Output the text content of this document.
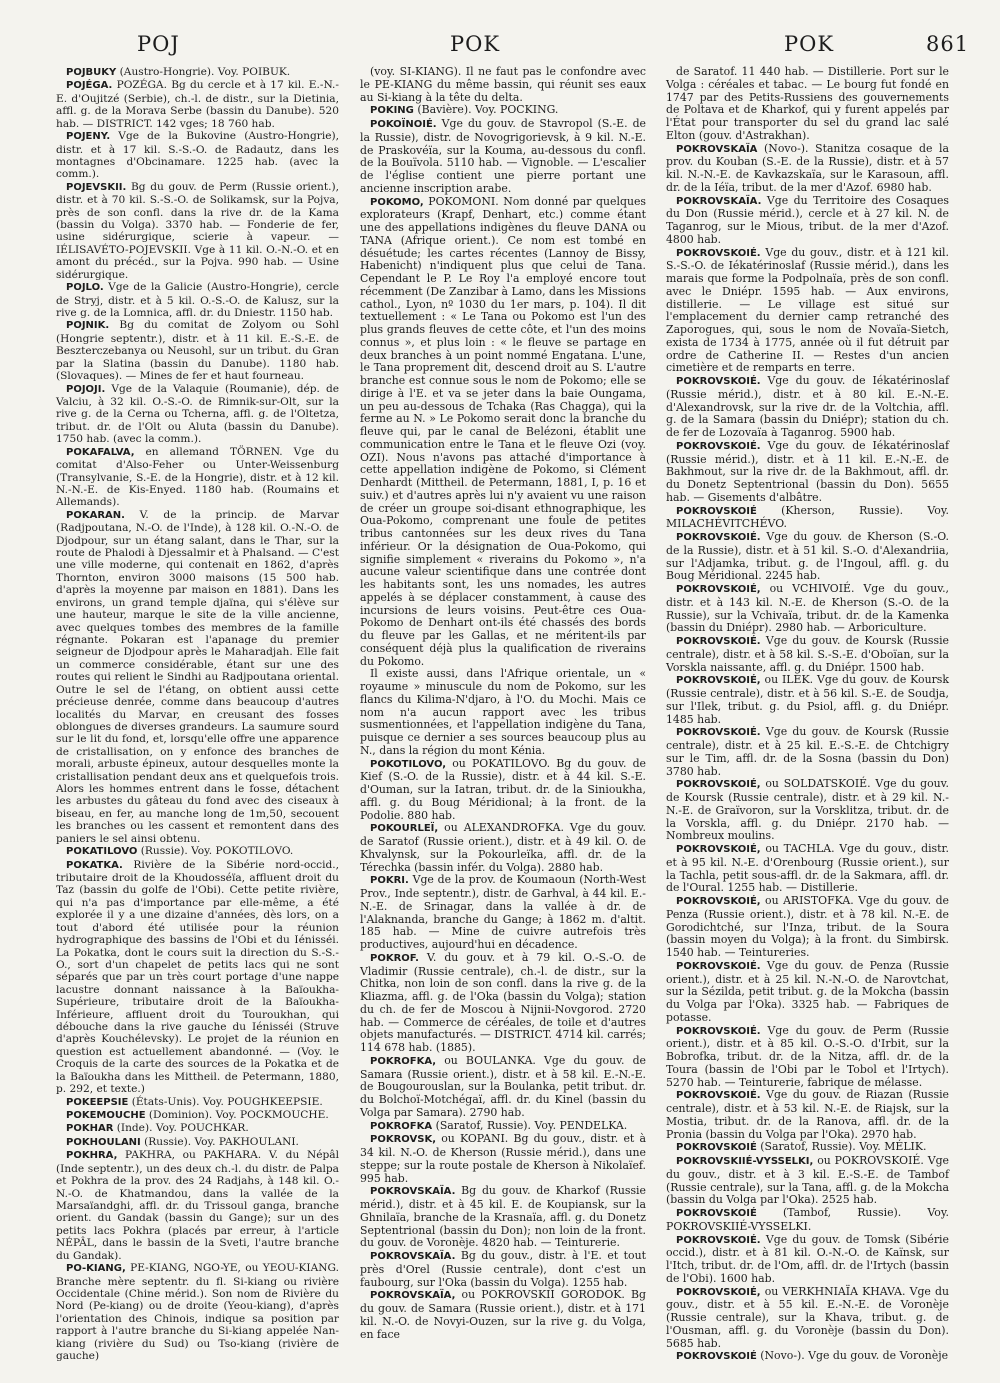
POJ	POK	POK	861

POJBUKY (Austro-Hongrie). Voy. POIBUK.

POJÉGA. POZÉGA. Bg du cercle et à 17 kil. E.-N.-E. d'Oujitzé (Serbie), ch.-l. de distr., sur la Dietinia, affl. g. de la Morava Serbe (bassin du Danube). 520 hab. — DISTRICT. 142 vges; 18 760 hab.

POJENY. Vge de la Bukovine (Austro-Hongrie), distr. et à 17 kil. S.-S.-O. de Radautz, dans les montagnes d'Obcinamare. 1225 hab. (avec la comm.).

POJEVSKII. Bg du gouv. de Perm (Russie orient.), distr. et à 70 kil. S.-S.-O. de Solikamsk, sur la Pojva, près de son confl. dans la rive dr. de la Kama (bassin du Volga). 3370 hab. — Fonderie de fer, usine sidérurgique, scierie à vapeur. — IÉLISAVÉTO-POJEVSKII. Vge à 11 kil. O.-N.-O. et en amont du précéd., sur la Pojva. 990 hab. — Usine sidérurgique.

POJLO. Vge de la Galicie (Austro-Hongrie), cercle de Stryj, distr. et à 5 kil. O.-S.-O. de Kalusz, sur la rive g. de la Lomnica, affl. dr. du Dniestr. 1150 hab.

POJNIK. Bg du comitat de Zolyom ou Sohl (Hongrie septentr.), distr. et à 11 kil. E.-S.-E. de Beszterczebanya ou Neusohl, sur un tribut. du Gran par la Slatina (bassin du Danube). 1180 hab. (Slovaques). — Mines de fer et haut fourneau.

POJOJI. Vge de la Valaquie (Roumanie), dép. de Valciu, à 32 kil. O.-S.-O. de Rimnik-sur-Olt, sur la rive g. de la Cerna ou Tcherna, affl. g. de l'Oltetza, tribut. dr. de l'Olt ou Aluta (bassin du Danube). 1750 hab. (avec la comm.).

POKAFALVA, en allemand TÖRNEN. Vge du comitat d'Also-Feher ou Unter-Weissenburg (Transylvanie, S.-E. de la Hongrie), distr. et à 12 kil. N.-N.-E. de Kis-Enyed. 1180 hab. (Roumains et Allemands).

POKARAN. V. de la princip. de Marvar (Radjpoutana, N.-O. de l'Inde), à 128 kil. O.-N.-O. de Djodpour, sur un étang salant, dans le Thar, sur la route de Phalodi à Djessalmir et à Phalsand. — C'est une ville moderne, qui contenait en 1862, d'après Thornton, environ 3000 maisons (15 500 hab. d'après la moyenne par maison en 1881). Dans les environs, un grand temple djaïna, qui s'élève sur une hauteur, marque le site de la ville ancienne, avec quelques tombes des membres de la famille régnante. Pokaran est l'apanage du premier seigneur de Djodpour après le Maharadjah. Elle fait un commerce considérable, étant sur une des routes qui relient le Sindhi au Radjpoutana oriental. Outre le sel de l'étang, on obtient aussi cette précieuse denrée, comme dans beaucoup d'autres localités du Marvar, en creusant des fosses oblongues de diverses grandeurs. La saumure sourd sur le lit du fond, et, lorsqu'elle offre une apparence de cristallisation, on y enfonce des branches de morali, arbuste épineux, autour desquelles monte la cristallisation pendant deux ans et quelquefois trois. Alors les hommes entrent dans le fosse, détachent les arbustes du gâteau du fond avec des ciseaux à biseau, en fer, au manche long de 1m,50, secouent les branches ou les cassent et remontent dans des paniers le sel ainsi obtenu.

POKATILOVO (Russie). Voy. POKOTILOVO.

POKATKA. Rivière de la Sibérie nord-occid., tributaire droit de la Khoudosséïa, affluent droit du Taz (bassin du golfe de l'Obi). Cette petite rivière, qui n'a pas d'importance par elle-même, a été explorée il y a une dizaine d'années, dès lors, on a tout d'abord été utilisée pour la réunion hydrographique des bassins de l'Obi et du Iénisséi. La Pokatka, dont le cours suit la direction du S.-S.-O., sort d'un chapelet de petits lacs qui ne sont séparés que par un très court portage d'une nappe lacustre donnant naissance à la Baïoukha-Supérieure, tributaire droit de la Baïoukha-Inférieure, affluent droit du Touroukhan, qui débouche dans la rive gauche du Iénisséi (Struve d'après Kouchélevsky). Le projet de la réunion en question est actuellement abandonné. — (Voy. le Croquis de la carte des sources de la Pokatka et de la Baïoukha dans les Mittheil. de Petermann, 1880, p. 292, et texte.)

POKEEPSIE (États-Unis). Voy. POUGHKEEPSIE.

POKEMOUCHE (Dominion). Voy. POCKMOUCHE.

POKHAR (Inde). Voy. POUCHKAR.

POKHOULANI (Russie). Voy. PAKHOULANI.

POKHRA, PAKHRA, ou PAKHARA. V. du Népâl (Inde septentr.), un des deux ch.-l. du distr. de Palpa et Pokhra de la prov. des 24 Radjahs, à 148 kil. O.-N.-O. de Khatmandou, dans la vallée de la Marsaïandghi, affl. dr. du Trissoul ganga, branche orient. du Gandak (bassin du Gange); sur un des petits lacs Pokhra (placés par erreur, à l'article NÉPÂL, dans le bassin de la Sveti, l'autre branche du Gandak).

PO-KIANG, PE-KIANG, NGO-YE, ou YEOU-KIANG. Branche mère septentr. du fl. Si-kiang ou rivière Occidentale (Chine mérid.). Son nom de Rivière du Nord (Pe-kiang) ou de droite (Yeou-kiang), d'après l'orientation des Chinois, indique sa position par rapport à l'autre branche du Si-kiang appelée Nan-kiang (rivière du Sud) ou Tso-kiang (rivière de gauche)

(voy. SI-KIANG). Il ne faut pas le confondre avec le PE-KIANG du même bassin, qui réunit ses eaux au Si-kiang à la tête du delta.

POKING (Bavière). Voy. POCKING.

POKOÏNOIÉ. Vge du gouv. de Stavropol (S.-E. de la Russie), distr. de Novogrigorievsk, à 9 kil. N.-E. de Praskovéïa, sur la Kouma, au-dessous du confl. de la Bouïvola. 5110 hab. — Vignoble. — L'escalier de l'église contient une pierre portant une ancienne inscription arabe.

POKOMO, POKOMONI. Nom donné par quelques explorateurs (Krapf, Denhart, etc.) comme étant une des appellations indigènes du fleuve DANA ou TANA (Afrique orient.). Ce nom est tombé en désuétude; les cartes récentes (Lannoy de Bissy, Habenicht) n'indiquent plus que celui de Tana. Cependant le P. Le Roy l'a employé encore tout récemment (De Zanzibar à Lamo, dans les Missions cathol., Lyon, nº 1030 du 1er mars, p. 104). Il dit textuellement : « Le Tana ou Pokomo est l'un des plus grands fleuves de cette côte, et l'un des moins connus », et plus loin : « le fleuve se partage en deux branches à un point nommé Engatana. L'une, le Tana proprement dit, descend droit au S. L'autre branche est connue sous le nom de Pokomo; elle se dirige à l'E. et va se jeter dans la baie Oungama, un peu au-dessous de Tchaka (Ras Chagga), qui la ferme au N. » Le Pokomo serait donc la branche du fleuve qui, par le canal de Belézoni, établit une communication entre le Tana et le fleuve Ozi (voy. OZI). Nous n'avons pas attaché d'importance à cette appellation indigène de Pokomo, si Clément Denhardt (Mittheil. de Petermann, 1881, I, p. 16 et suiv.) et d'autres après lui n'y avaient vu une raison de créer un groupe soi-disant ethnographique, les Oua-Pokomo, comprenant une foule de petites tribus cantonnées sur les deux rives du Tana inférieur. Or la désignation de Oua-Pokomo, qui signifie simplement « riverains du Pokomo », n'a aucune valeur scientifique dans une contrée dont les habitants sont, les uns nomades, les autres appelés à se déplacer constamment, à cause des incursions de leurs voisins. Peut-être ces Oua-Pokomo de Denhart ont-ils été chassés des bords du fleuve par les Gallas, et ne méritent-ils par conséquent déjà plus la qualification de riverains du Pokomo.

Il existe aussi, dans l'Afrique orientale, un « royaume » minuscule du nom de Pokomo, sur les flancs du Kilima-N'djaro, à l'O. du Mochi. Mais ce nom n'a aucun rapport avec les tribus susmentionnées, et l'appellation indigène du Tana, puisque ce dernier a ses sources beaucoup plus au N., dans la région du mont Kénia.

POKOTILOVO, ou POKATILOVO. Bg du gouv. de Kief (S.-O. de la Russie), distr. et à 44 kil. S.-E. d'Ouman, sur la Iatran, tribut. dr. de la Sinioukha, affl. g. du Boug Méridional; à la front. de la Podolie. 880 hab.

POKOURLEÏ, ou ALEXANDROFKA. Vge du gouv. de Saratof (Russie orient.), distr. et à 49 kil. O. de Khvalynsk, sur la Pokourleïka, affl. dr. de la Térechka (bassin infér. du Volga). 2880 hab.

POKRI. Vge de la prov. de Koumaoun (North-West Prov., Inde septentr.), distr. de Garhval, à 44 kil. E.-N.-E. de Srinagar, dans la vallée à dr. de l'Alaknanda, branche du Gange; à 1862 m. d'altit. 185 hab. — Mine de cuivre autrefois très productives, aujourd'hui en décadence.

POKROF. V. du gouv. et à 79 kil. O.-S.-O. de Vladimir (Russie centrale), ch.-l. de distr., sur la Chitka, non loin de son confl. dans la rive g. de la Kliazma, affl. g. de l'Oka (bassin du Volga); station du ch. de fer de Moscou à Nijnii-Novgorod. 2720 hab. — Commerce de céréales, de toile et d'autres objets manufacturés. — DISTRICT. 4714 kil. carrés; 114 678 hab. (1885).

POKROFKA, ou BOULANKA. Vge du gouv. de Samara (Russie orient.), distr. et à 58 kil. E.-N.-E. de Bougourouslan, sur la Boulanka, petit tribut. dr. du Bolchoï-Motchégaï, affl. dr. du Kinel (bassin du Volga par Samara). 2790 hab.

POKROFKA (Saratof, Russie). Voy. PENDELKA.

POKROVSK, ou KOPANI. Bg du gouv., distr. et à 34 kil. N.-O. de Kherson (Russie mérid.), dans une steppe; sur la route postale de Kherson à Nikolaïef. 995 hab.

POKROVSKAÏA. Bg du gouv. de Kharkof (Russie mérid.), distr. et à 45 kil. E. de Koupiansk, sur la Ghnilaïa, branche de la Krasnaïa, affl. g. du Donetz Septentrional (bassin du Don); non loin de la front. du gouv. de Voronèje. 4820 hab. — Teinturerie.

POKROVSKAÏA. Bg du gouv., distr. à l'E. et tout près d'Orel (Russie centrale), dont c'est un faubourg, sur l'Oka (bassin du Volga). 1255 hab.

POKROVSKAÏA, ou POKROVSKII GORODOK. Bg du gouv. de Samara (Russie orient.), distr. et à 171 kil. N.-O. de Novyi-Ouzen, sur la rive g. du Volga, en face

de Saratof. 11 440 hab. — Distillerie. Port sur le Volga : céréales et tabac. — Le bourg fut fondé en 1747 par des Petits-Russiens des gouvernements de Poltava et de Kharkof, qui y furent appelés par l'État pour transporter du sel du grand lac salé Elton (gouv. d'Astrakhan).

POKROVSKAÏA (Novo-). Stanitza cosaque de la prov. du Kouban (S.-E. de la Russie), distr. et à 57 kil. N.-N.-E. de Kavkazskaïa, sur le Karasoun, affl. dr. de la Iéïa, tribut. de la mer d'Azof. 6980 hab.

POKROVSKAÏA. Vge du Territoire des Cosaques du Don (Russie mérid.), cercle et à 27 kil. N. de Taganrog, sur le Mious, tribut. de la mer d'Azof. 4800 hab.

POKROVSKOIÉ. Vge du gouv., distr. et à 121 kil. S.-S.-O. de Iékatérinoslaf (Russie mérid.), dans les marais que forme la Podpolnaïa, près de son confl. avec le Dniépr. 1595 hab. — Aux environs, distillerie. — Le village est situé sur l'emplacement du dernier camp retranché des Zaporogues, qui, sous le nom de Novaïa-Sietch, exista de 1734 à 1775, année où il fut détruit par ordre de Catherine II. — Restes d'un ancien cimetière et de remparts en terre.

POKROVSKOIÉ. Vge du gouv. de Iékatérinoslaf (Russie mérid.), distr. et à 80 kil. E.-N.-E. d'Alexandrovsk, sur la rive dr. de la Voltchia, affl. g. de la Samara (bassin du Dniépr); station du ch. de fer de Lozovaïa à Taganrog. 5900 hab.

POKROVSKOIÉ. Vge du gouv. de Iékatérinoslaf (Russie mérid.), distr. et à 11 kil. E.-N.-E. de Bakhmout, sur la rive dr. de la Bakhmout, affl. dr. du Donetz Septentrional (bassin du Don). 5655 hab. — Gisements d'albâtre.

POKROVSKOIÉ (Kherson, Russie). Voy. MILACHÉVITCHÉVO.

POKROVSKOIÉ. Vge du gouv. de Kherson (S.-O. de la Russie), distr. et à 51 kil. S.-O. d'Alexandriia, sur l'Adjamka, tribut. g. de l'Ingoul, affl. g. du Boug Méridional. 2245 hab.

POKROVSKOIÉ, ou VCHIVOIÉ. Vge du gouv., distr. et à 143 kil. N.-E. de Kherson (S.-O. de la Russie), sur la Vchivaïa, tribut. dr. de la Kamenka (bassin du Dniépr). 2980 hab. — Arboriculture.

POKROVSKOIÉ. Vge du gouv. de Koursk (Russie centrale), distr. et à 58 kil. S.-S.-E. d'Oboïan, sur la Vorskla naissante, affl. g. du Dniépr. 1500 hab.

POKROVSKOIÉ, ou ILEK. Vge du gouv. de Koursk (Russie centrale), distr. et à 56 kil. S.-E. de Soudja, sur l'Ilek, tribut. g. du Psiol, affl. g. du Dniépr. 1485 hab.

POKROVSKOIÉ. Vge du gouv. de Koursk (Russie centrale), distr. et à 25 kil. E.-S.-E. de Chtchigry sur le Tim, affl. dr. de la Sosna (bassin du Don) 3780 hab.

POKROVSKOIÉ, ou SOLDATSKOIÉ. Vge du gouv. de Koursk (Russie centrale), distr. et à 29 kil. N.-N.-E. de Graïvoron, sur la Vorsklitza, tribut. dr. de la Vorskla, affl. g. du Dniépr. 2170 hab. — Nombreux moulins.

POKROVSKOIÉ, ou TACHLA. Vge du gouv., distr. et à 95 kil. N.-E. d'Orenbourg (Russie orient.), sur la Tachla, petit sous-affl. dr. de la Sakmara, affl. dr. de l'Oural. 1255 hab. — Distillerie.

POKROVSKOIÉ, ou ARISTOFKA. Vge du gouv. de Penza (Russie orient.), distr. et à 78 kil. N.-E. de Gorodichtché, sur l'Inza, tribut. de la Soura (bassin moyen du Volga); à la front. du Simbirsk. 1540 hab. — Teintureries.

POKROVSKOIÉ. Vge du gouv. de Penza (Russie orient.), distr. et à 25 kil. N.-N.-O. de Narovtchat, sur la Sézilda, petit tribut. g. de la Mokcha (bassin du Volga par l'Oka). 3325 hab. — Fabriques de potasse.

POKROVSKOIÉ. Vge du gouv. de Perm (Russie orient.), distr. et à 85 kil. O.-S.-O. d'Irbit, sur la Bobrofka, tribut. dr. de la Nitza, affl. dr. de la Toura (bassin de l'Obi par le Tobol et l'Irtych). 5270 hab. — Teinturerie, fabrique de mélasse.

POKROVSKOIÉ. Vge du gouv. de Riazan (Russie centrale), distr. et à 53 kil. N.-E. de Riajsk, sur la Mostia, tribut. dr. de la Ranova, affl. dr. de la Pronia (bassin du Volga par l'Oka). 2970 hab.

POKROVSKOIÉ (Saratof, Russie). Voy. MÉLIK.

POKROVSKIIÉ-VYSSELKI, ou POKROVSKOIÉ. Vge du gouv., distr. et à 3 kil. E.-S.-E. de Tambof (Russie centrale), sur la Tana, affl. g. de la Mokcha (bassin du Volga par l'Oka). 2525 hab.

POKROVSKOIÉ (Tambof, Russie). Voy. POKROVSKIIÉ-VYSSELKI.

POKROVSKOIÉ. Vge du gouv. de Tomsk (Sibérie occid.), distr. et à 81 kil. O.-N.-O. de Kaïnsk, sur l'Itch, tribut. dr. de l'Om, affl. dr. de l'Irtych (bassin de l'Obi). 1600 hab.

POKROVSKOIÉ, ou VERKHNIAÏA KHAVA. Vge du gouv., distr. et à 55 kil. E.-N.-E. de Voronèje (Russie centrale), sur la Khava, tribut. g. de l'Ousman, affl. g. du Voronèje (bassin du Don). 5685 hab.

POKROVSKOIÉ (Novo-). Vge du gouv. de Voronèje
